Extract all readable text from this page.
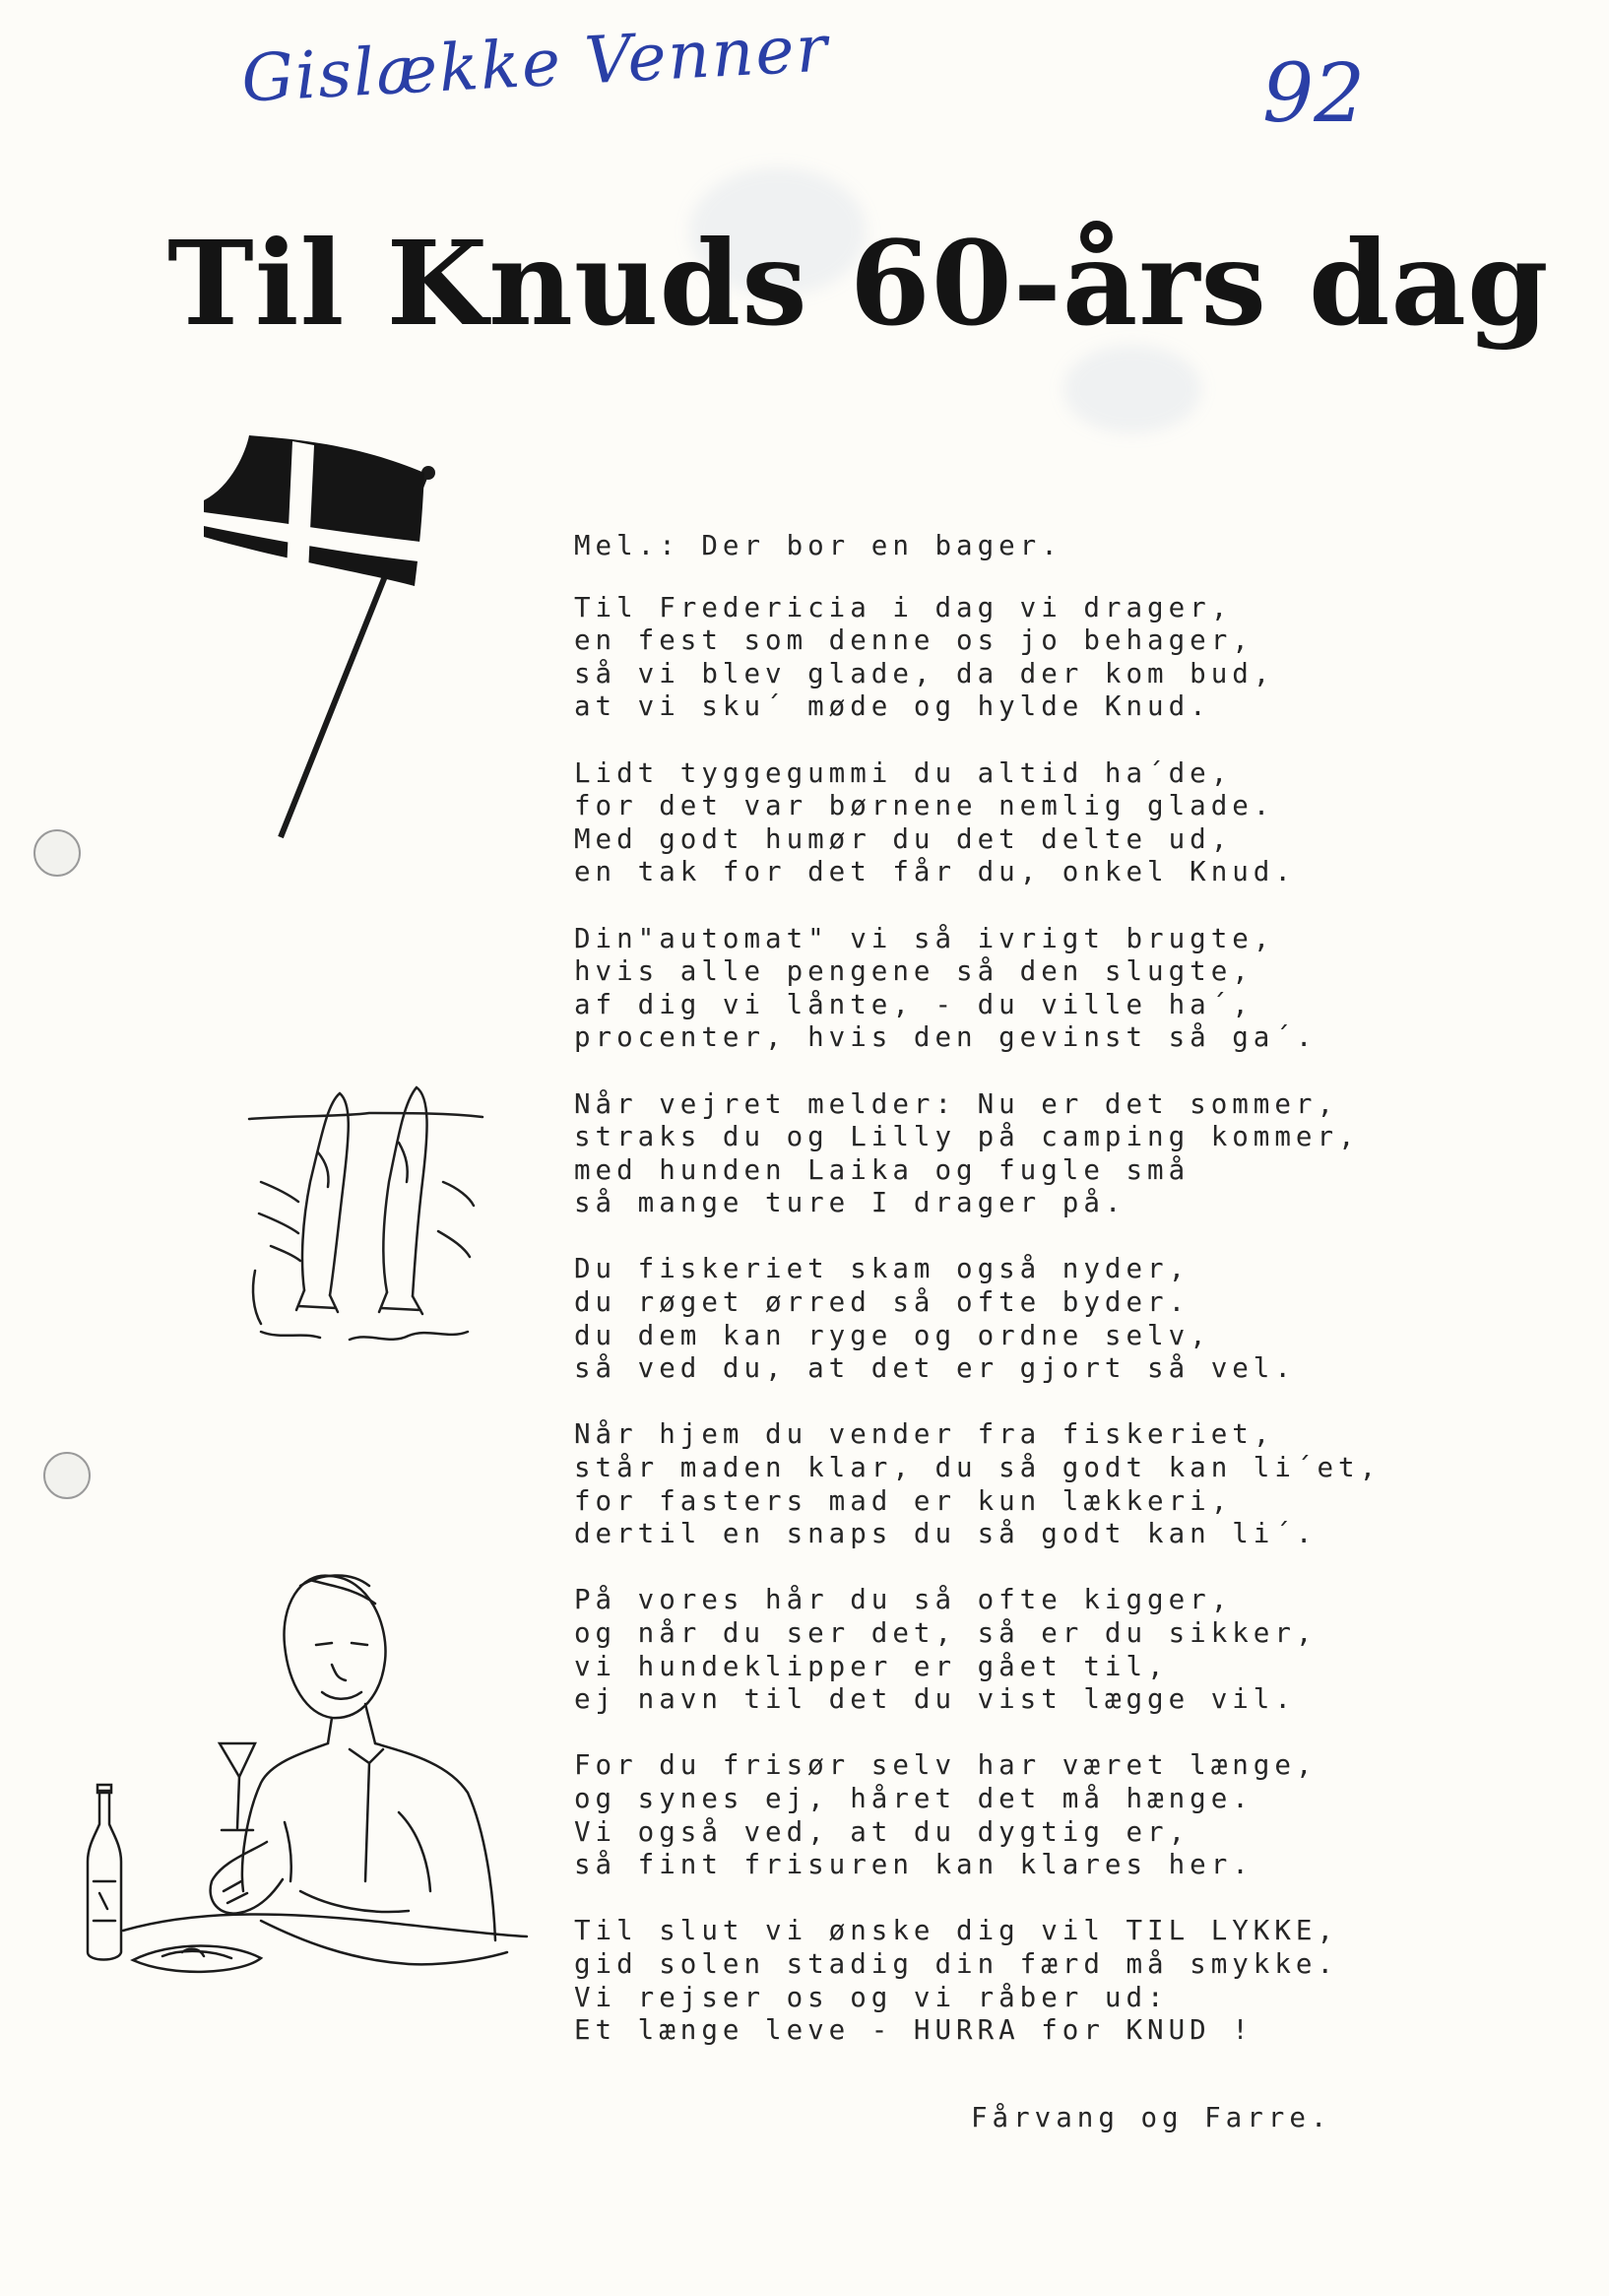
Gislække Venner	92
Til Knuds 60-års dag
Mel.: Der bor en bager.
Til Fredericia i dag vi drager,
en fest som denne os jo behager,
så vi blev glade, da der kom bud,
at vi sku´ møde og hylde Knud.
Lidt tyggegummi du altid ha´de,
for det var børnene nemlig glade.
Med godt humør du det delte ud,
en tak for det får du, onkel Knud.
Din"automat" vi så ivrigt brugte,
hvis alle pengene så den slugte,
af dig vi lånte, - du ville ha´,
procenter, hvis den gevinst så ga´.
Når vejret melder: Nu er det sommer,
straks du og Lilly på camping kommer,
med hunden Laika og fugle små
så mange ture I drager på.
Du fiskeriet skam også nyder,
du røget ørred så ofte byder.
du dem kan ryge og ordne selv,
så ved du, at det er gjort så vel.
Når hjem du vender fra fiskeriet,
står maden klar, du så godt kan li´et,
for fasters mad er kun lækkeri,
dertil en snaps du så godt kan li´.
På vores hår du så ofte kigger,
og når du ser det, så er du sikker,
vi hundeklipper er gået til,
ej navn til det du vist lægge vil.
For du frisør selv har været længe,
og synes ej, håret det må hænge.
Vi også ved, at du dygtig er,
så fint frisuren kan klares her.
Til slut vi ønske dig vil TIL LYKKE,
gid solen stadig din færd må smykke.
Vi rejser os og vi råber ud:
Et længe leve - HURRA for KNUD !
Fårvang og Farre.
